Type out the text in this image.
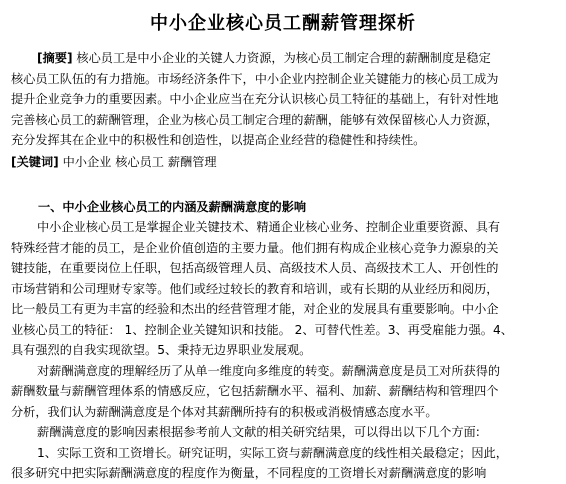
中小企业核心员工酬薪管理探析
[摘要] 核心员工是中小企业的关键人力资源，为核心员工制定合理的薪酬制度是稳定
核心员工队伍的有力措施。市场经济条件下，中小企业内控制企业关键能力的核心员工成为
提升企业竞争力的重要因素。中小企业应当在充分认识核心员工特征的基础上，有针对性地
完善核心员工的薪酬管理，企业为核心员工制定合理的薪酬，能够有效保留核心人力资源，
充分发挥其在企业中的积极性和创造性，以提高企业经营的稳健性和持续性。
[关键词] 中小企业 核心员工 薪酬管理
一、中小企业核心员工的内涵及薪酬满意度的影响
中小企业核心员工是掌握企业关键技术、精通企业核心业务、控制企业重要资源、具有
特殊经营才能的员工，是企业价值创造的主要力量。他们拥有构成企业核心竞争力源泉的关
键技能，在重要岗位上任职，包括高级管理人员、高级技术人员、高级技术工人、开创性的
市场营销和公司理财专家等。他们或经过较长的教育和培训，或有长期的从业经历和阅历，
比一般员工有更为丰富的经验和杰出的经营管理才能，对企业的发展具有重要影响。中小企
业核心员工的特征： 1、控制企业关键知识和技能。 2、可替代性差。3、再受雇能力强。4、
具有强烈的自我实现欲望。5、秉持无边界职业发展观。
对薪酬满意度的理解经历了从单一维度向多维度的转变。薪酬满意度是员工对所获得的
薪酬数量与薪酬管理体系的情感反应，它包括薪酬水平、福利、加薪、薪酬结构和管理四个
分析，我们认为薪酬满意度是个体对其薪酬所持有的积极或消极情感态度水平。
薪酬满意度的影响因素根据参考前人文献的相关研究结果，可以得出以下几个方面:
1、实际工资和工资增长。研究证明，实际工资与薪酬满意度的线性相关最稳定；因此，
很多研究中把实际薪酬满意度的程度作为衡量，不同程度的工资增长对薪酬满意度的影响
